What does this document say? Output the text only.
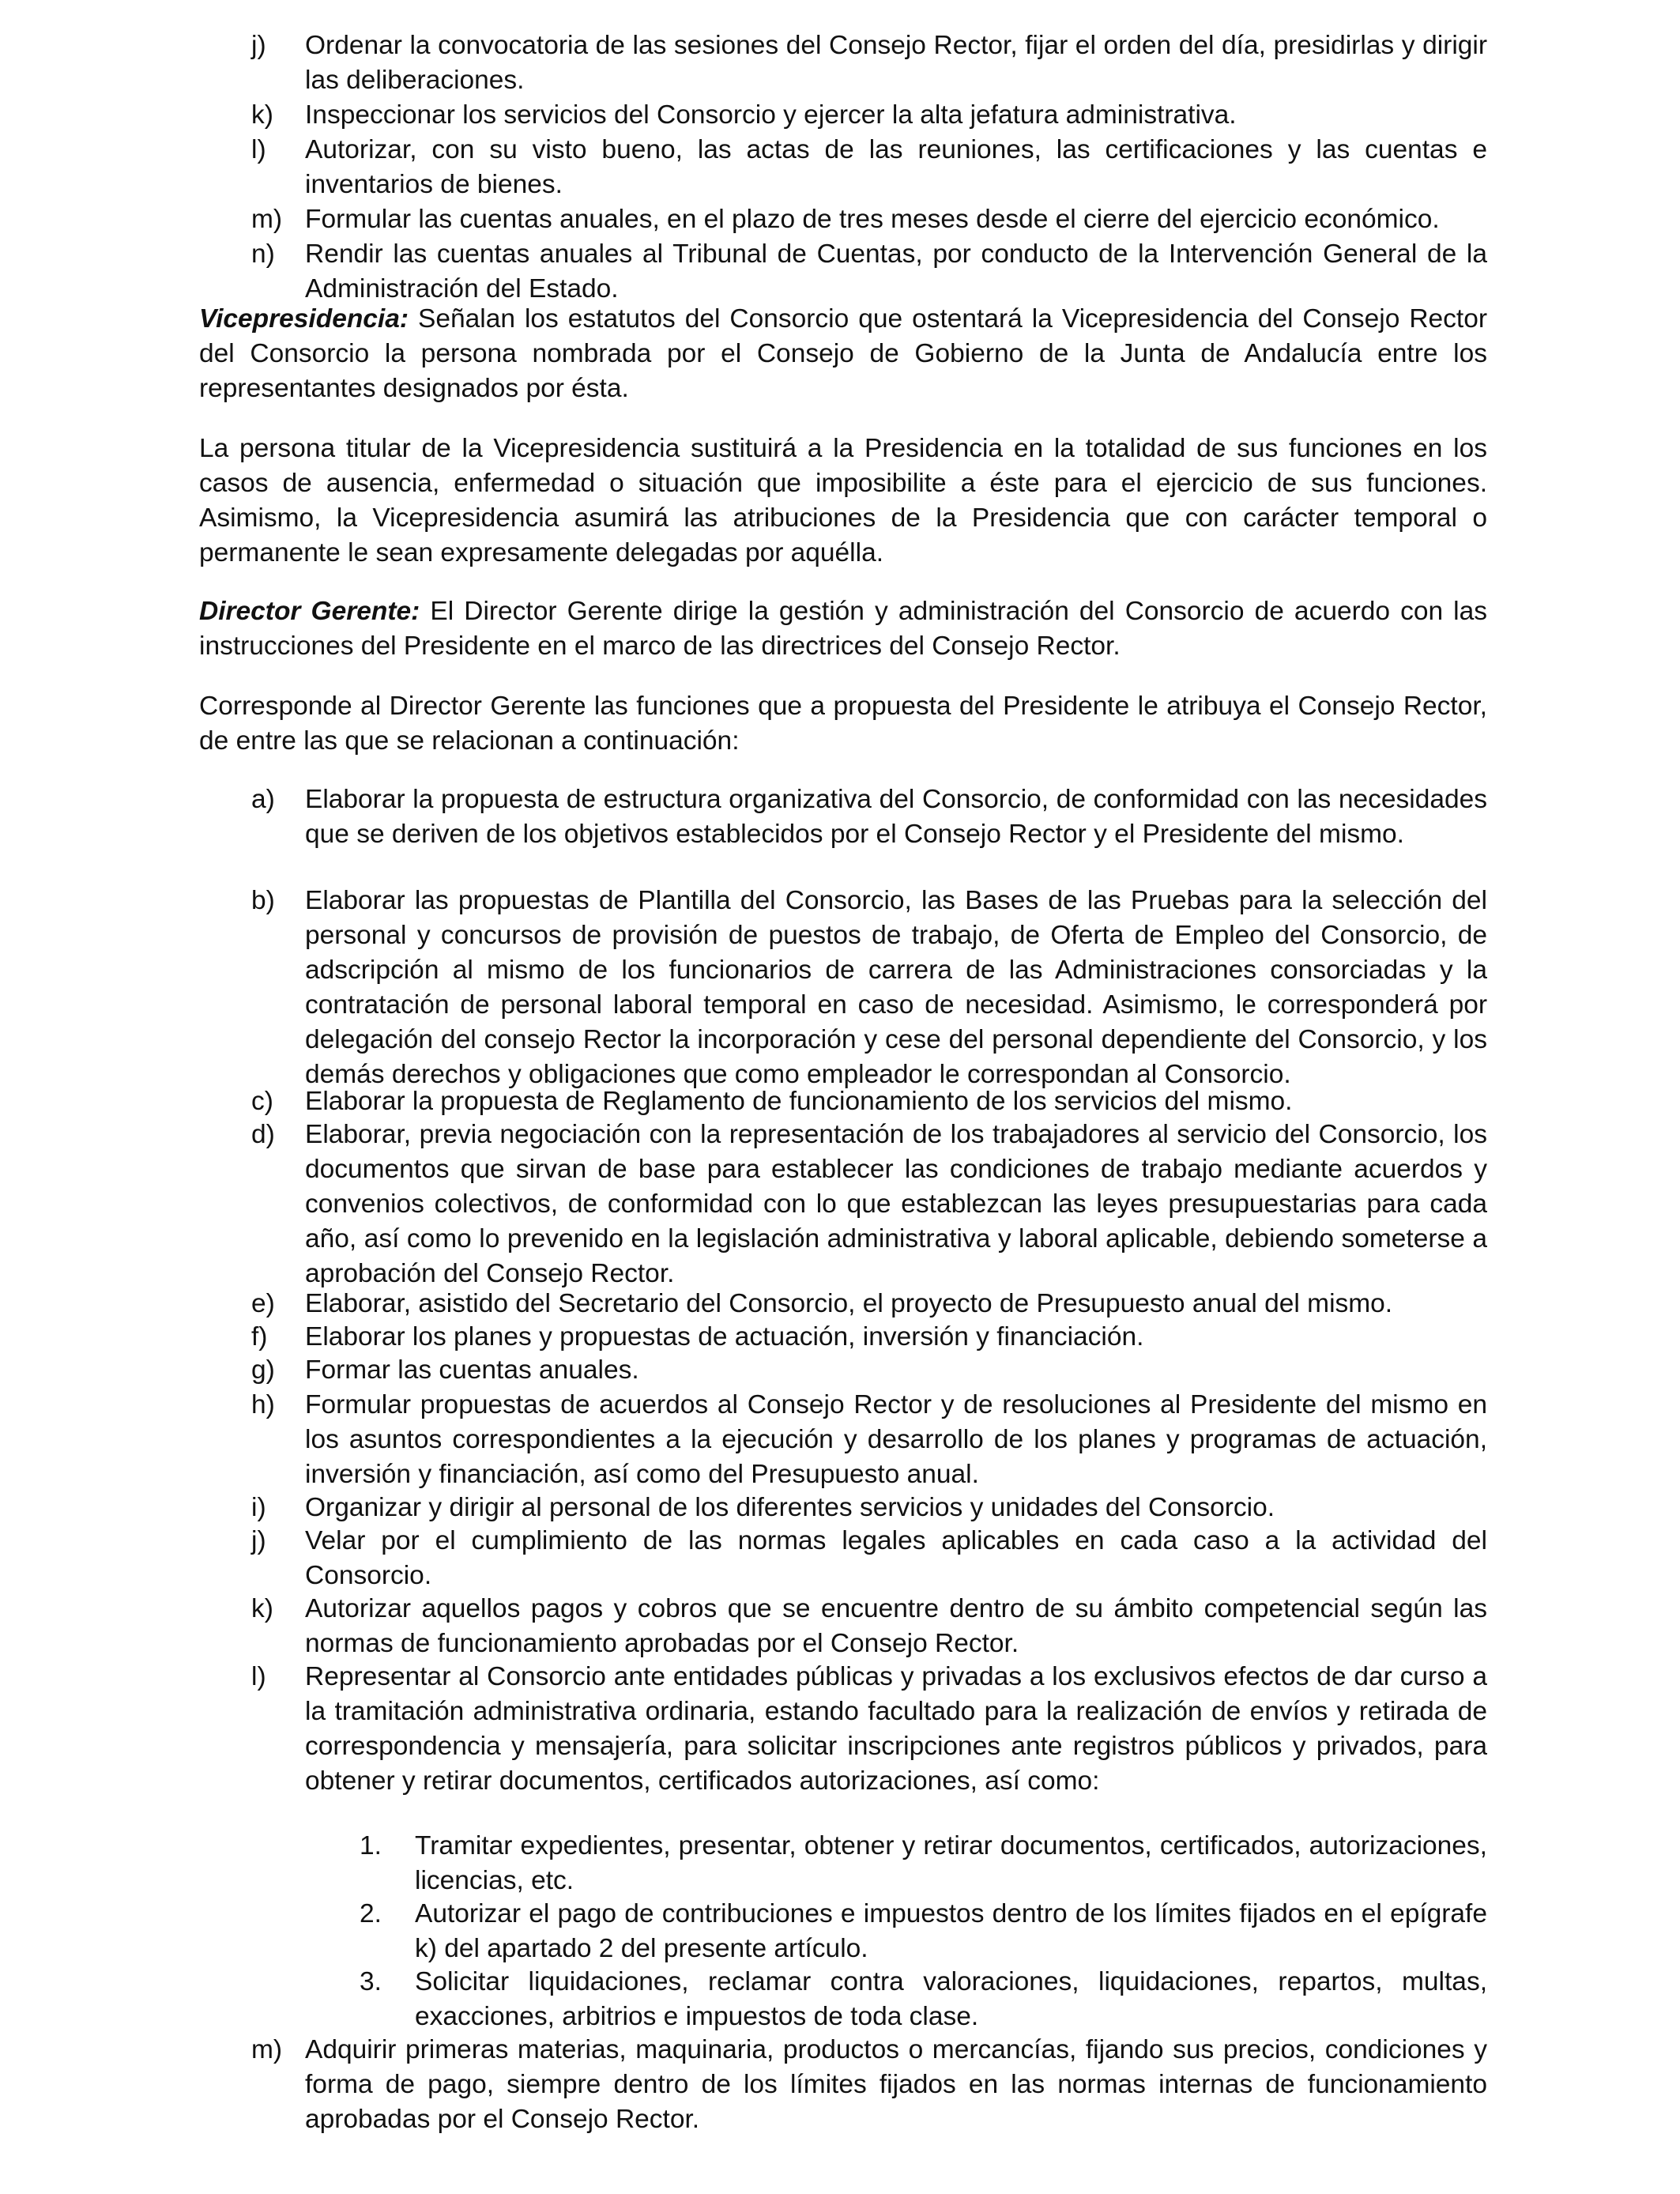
j)	Ordenar la convocatoria de las sesiones del Consejo Rector, fijar el orden del día, presidirlas y dirigir las deliberaciones.
k)	Inspeccionar los servicios del Consorcio y ejercer la alta jefatura administrativa.
l)	Autorizar, con su visto bueno, las actas de las reuniones, las certificaciones y las cuentas e inventarios de bienes.
m) Formular las cuentas anuales, en el plazo de tres meses desde el cierre del ejercicio económico.
n)	Rendir las cuentas anuales al Tribunal de Cuentas, por conducto de la Intervención General de la Administración del Estado.
Vicepresidencia: Señalan los estatutos del Consorcio que ostentará la Vicepresidencia del Consejo Rector del Consorcio la persona nombrada por el Consejo de Gobierno de la Junta de Andalucía entre los representantes designados por ésta.
La persona titular de la Vicepresidencia sustituirá a la Presidencia en la totalidad de sus funciones en los casos de ausencia, enfermedad o situación que imposibilite a éste para el ejercicio de sus funciones. Asimismo, la Vicepresidencia asumirá las atribuciones de la Presidencia que con carácter temporal o permanente le sean expresamente delegadas por aquélla.
Director Gerente: El Director Gerente dirige la gestión y administración del Consorcio de acuerdo con las instrucciones del Presidente en el marco de las directrices del Consejo Rector.
Corresponde al Director Gerente las funciones que a propuesta del Presidente le atribuya el Consejo Rector, de entre las que se relacionan a continuación:
a)	Elaborar la propuesta de estructura organizativa del Consorcio, de conformidad con las necesidades que se deriven de los objetivos establecidos por el Consejo Rector y el Presidente del mismo.
b)	Elaborar las propuestas de Plantilla del Consorcio, las Bases de las Pruebas para la selección del personal y concursos de provisión de puestos de trabajo, de Oferta de Empleo del Consorcio, de adscripción al mismo de los funcionarios de carrera de las Administraciones consorciadas y la contratación de personal laboral temporal en caso de necesidad. Asimismo, le corresponderá por delegación del consejo Rector la incorporación y cese del personal dependiente del Consorcio, y los demás derechos y obligaciones que como empleador le correspondan al Consorcio.
c)	Elaborar la propuesta de Reglamento de funcionamiento de los servicios del mismo.
d)	Elaborar, previa negociación con la representación de los trabajadores al servicio del Consorcio, los documentos que sirvan de base para establecer las condiciones de trabajo mediante acuerdos y convenios colectivos, de conformidad con lo que establezcan las leyes presupuestarias para cada año, así como lo prevenido en la legislación administrativa y laboral aplicable, debiendo someterse a aprobación del Consejo Rector.
e)	Elaborar, asistido del Secretario del Consorcio, el proyecto de Presupuesto anual del mismo.
f)	Elaborar los planes y propuestas de actuación, inversión y financiación.
g)	Formar las cuentas anuales.
h)	Formular propuestas de acuerdos al Consejo Rector y de resoluciones al Presidente del mismo en los asuntos correspondientes a la ejecución y desarrollo de los planes y programas de actuación, inversión y financiación, así como del Presupuesto anual.
i)	Organizar y dirigir al personal de los diferentes servicios y unidades del Consorcio.
j)	Velar por el cumplimiento de las normas legales aplicables en cada caso a la actividad del Consorcio.
k)	Autorizar aquellos pagos y cobros que se encuentre dentro de su ámbito competencial según las normas de funcionamiento aprobadas por el Consejo Rector.
l)	Representar al Consorcio ante entidades públicas y privadas a los exclusivos efectos de dar curso a la tramitación administrativa ordinaria, estando facultado para la realización de envíos y retirada de correspondencia y mensajería, para solicitar inscripciones ante registros públicos y privados, para obtener y retirar documentos, certificados autorizaciones, así como:
1.	Tramitar expedientes, presentar, obtener y retirar documentos, certificados, autorizaciones, licencias, etc.
2.	Autorizar el pago de contribuciones e impuestos dentro de los límites fijados en el epígrafe k) del apartado 2 del presente artículo.
3.	Solicitar liquidaciones, reclamar contra valoraciones, liquidaciones, repartos, multas, exacciones, arbitrios e impuestos de toda clase.
m) Adquirir primeras materias, maquinaria, productos o mercancías, fijando sus precios, condiciones y forma de pago, siempre dentro de los límites fijados en las normas internas de funcionamiento aprobadas por el Consejo Rector.
